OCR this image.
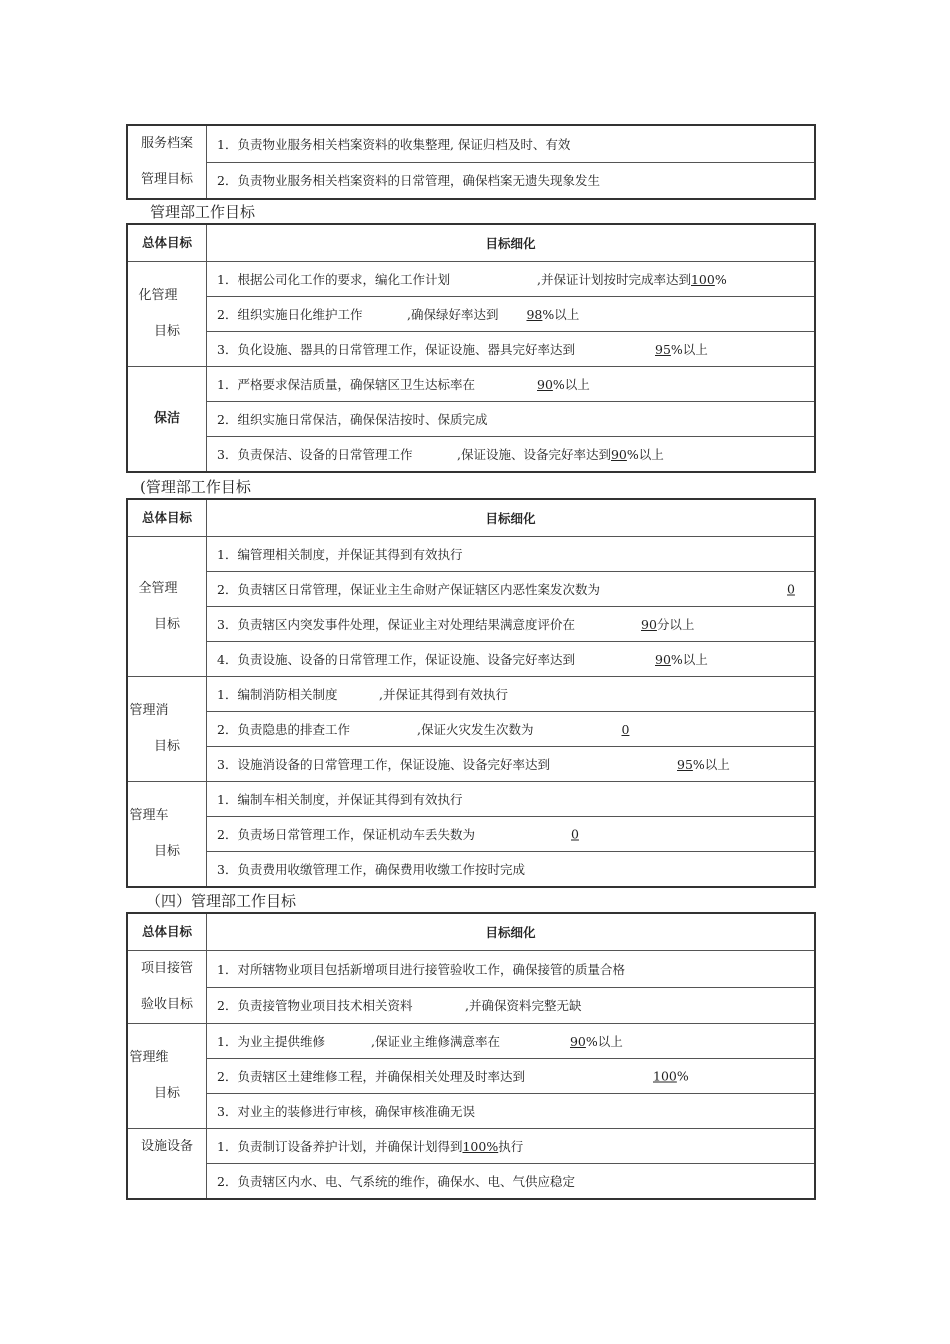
服务档案
管理目标
	1．负责物业服务相关档案资料的收集整理, 保证归档及时、有效
2．负责物业服务相关档案资料的日常管理，确保档案无遗失现象发生
管理部工作目标
总体目标	目标细化

化管理
目标	1．根据公司化工作的要求，编化工作计划 ,并保证计划按时完成率达到100%

	2．组织实施日化维护工作 ,确保绿好率达到 98%以上

	3．负化设施、器具的日常管理工作，保证设施、器具完好率达到 95%以上

保洁	1．严格要求保洁质量，确保辖区卫生达标率在 90%以上

	2．组织实施日常保洁，确保保洁按时、保质完成
	3．负责保洁、设备的日常管理工作 ,保证设施、设备完好率达到90%以上
(管理部工作目标
总体目标	目标细化

全管理
目标	1．编管理相关制度，并保证其得到有效执行
	2．负责辖区日常管理，保证业主生命财产保证辖区内恶性案发次数为 0

	3．负责辖区内突发事件处理，保证业主对处理结果满意度评价在 90分以上

	4．负责设施、设备的日常管理工作，保证设施、设备完好率达到 90%以上

管理消
目标	1．编制消防相关制度 ,并保证其得到有效执行

	2．负责隐患的排查工作 ,保证火灾发生次数为 0

	3．设施消设备的日常管理工作，保证设施、设备完好率达到 95%以上

管理车
目标	1．编制车相关制度，并保证其得到有效执行
	2．负责场日常管理工作，保证机动车丢失数为 0

	3．负责费用收缴管理工作，确保费用收缴工作按时完成
（四）管理部工作目标
总体目标	目标细化

项目接管
验收目标	1．对所辖物业项目包括新增项目进行接管验收工作，确保接管的质量合格
	2．负责接管物业项目技术相关资料 ,并确保资料完整无缺

管理维
目标	1．为业主提供维修 ,保证业主维修满意率在 90%以上

	2．负责辖区土建维修工程，并确保相关处理及时率达到 100%

	3．对业主的装修进行审核，确保审核准确无误

设施设备	1．负责制订设备养护计划，并确保计划得到100%执行
	2．负责辖区内水、电、气系统的维作，确保水、电、气供应稳定
